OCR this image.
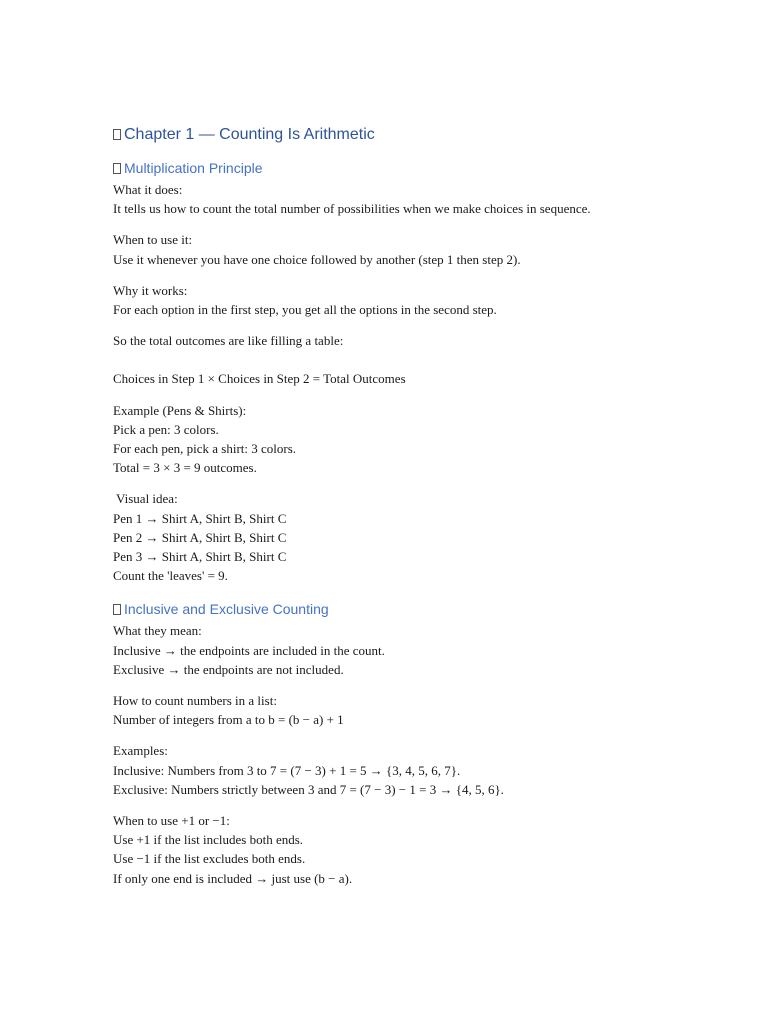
Chapter 1 — Counting Is Arithmetic
Multiplication Principle
What it does:
It tells us how to count the total number of possibilities when we make choices in sequence.
When to use it:
Use it whenever you have one choice followed by another (step 1 then step 2).
Why it works:
For each option in the first step, you get all the options in the second step.
So the total outcomes are like filling a table:
Choices in Step 1 × Choices in Step 2 = Total Outcomes
Example (Pens & Shirts):
Pick a pen: 3 colors.
For each pen, pick a shirt: 3 colors.
Total = 3 × 3 = 9 outcomes.
Visual idea:
Pen 1 → Shirt A, Shirt B, Shirt C
Pen 2 → Shirt A, Shirt B, Shirt C
Pen 3 → Shirt A, Shirt B, Shirt C
Count the 'leaves' = 9.
Inclusive and Exclusive Counting
What they mean:
Inclusive → the endpoints are included in the count.
Exclusive → the endpoints are not included.
How to count numbers in a list:
Number of integers from a to b = (b − a) + 1
Examples:
Inclusive: Numbers from 3 to 7 = (7 − 3) + 1 = 5 → {3, 4, 5, 6, 7}.
Exclusive: Numbers strictly between 3 and 7 = (7 − 3) − 1 = 3 → {4, 5, 6}.
When to use +1 or −1:
Use +1 if the list includes both ends.
Use −1 if the list excludes both ends.
If only one end is included → just use (b − a).
